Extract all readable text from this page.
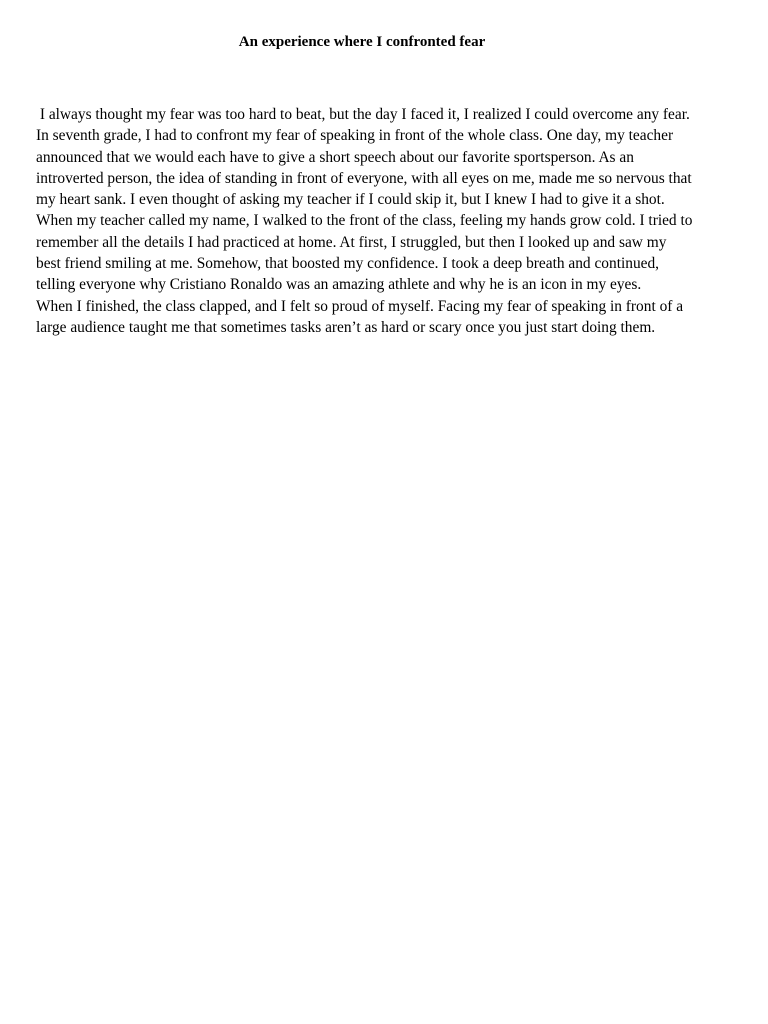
An experience where I confronted fear
I always thought my fear was too hard to beat, but the day I faced it, I realized I could overcome any fear.
In seventh grade, I had to confront my fear of speaking in front of the whole class. One day, my teacher
announced that we would each have to give a short speech about our favorite sportsperson. As an
introverted person, the idea of standing in front of everyone, with all eyes on me, made me so nervous that
my heart sank. I even thought of asking my teacher if I could skip it, but I knew I had to give it a shot.
When my teacher called my name, I walked to the front of the class, feeling my hands grow cold. I tried to
remember all the details I had practiced at home. At first, I struggled, but then I looked up and saw my
best friend smiling at me. Somehow, that boosted my confidence. I took a deep breath and continued,
telling everyone why Cristiano Ronaldo was an amazing athlete and why he is an icon in my eyes.
When I finished, the class clapped, and I felt so proud of myself. Facing my fear of speaking in front of a
large audience taught me that sometimes tasks aren’t as hard or scary once you just start doing them.
